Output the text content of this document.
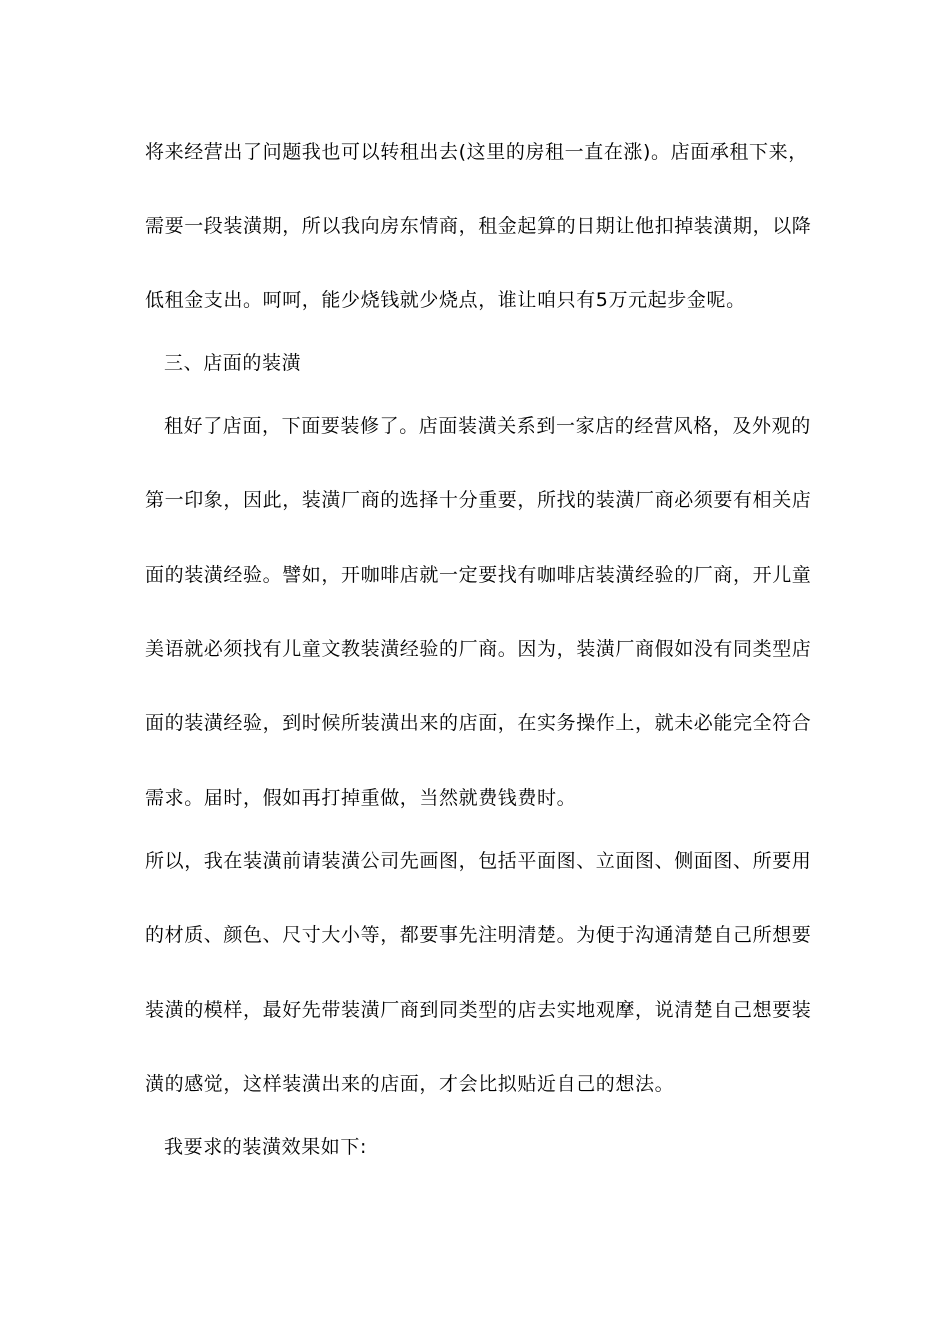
将来经营出了问题我也可以转租出去(这里的房租一直在涨)。店面承租下来，
需要一段装潢期，所以我向房东情商，租金起算的日期让他扣掉装潢期，以降
低租金支出。呵呵，能少烧钱就少烧点，谁让咱只有5万元起步金呢。
三、店面的装潢
租好了店面，下面要装修了。店面装潢关系到一家店的经营风格，及外观的
第一印象，因此，装潢厂商的选择十分重要，所找的装潢厂商必须要有相关店
面的装潢经验。譬如，开咖啡店就一定要找有咖啡店装潢经验的厂商，开儿童
美语就必须找有儿童文教装潢经验的厂商。因为，装潢厂商假如没有同类型店
面的装潢经验，到时候所装潢出来的店面，在实务操作上，就未必能完全符合
需求。届时，假如再打掉重做，当然就费钱费时。
所以，我在装潢前请装潢公司先画图，包括平面图、立面图、侧面图、所要用
的材质、颜色、尺寸大小等，都要事先注明清楚。为便于沟通清楚自己所想要
装潢的模样，最好先带装潢厂商到同类型的店去实地观摩，说清楚自己想要装
潢的感觉，这样装潢出来的店面，才会比拟贴近自己的想法。
我要求的装潢效果如下:
